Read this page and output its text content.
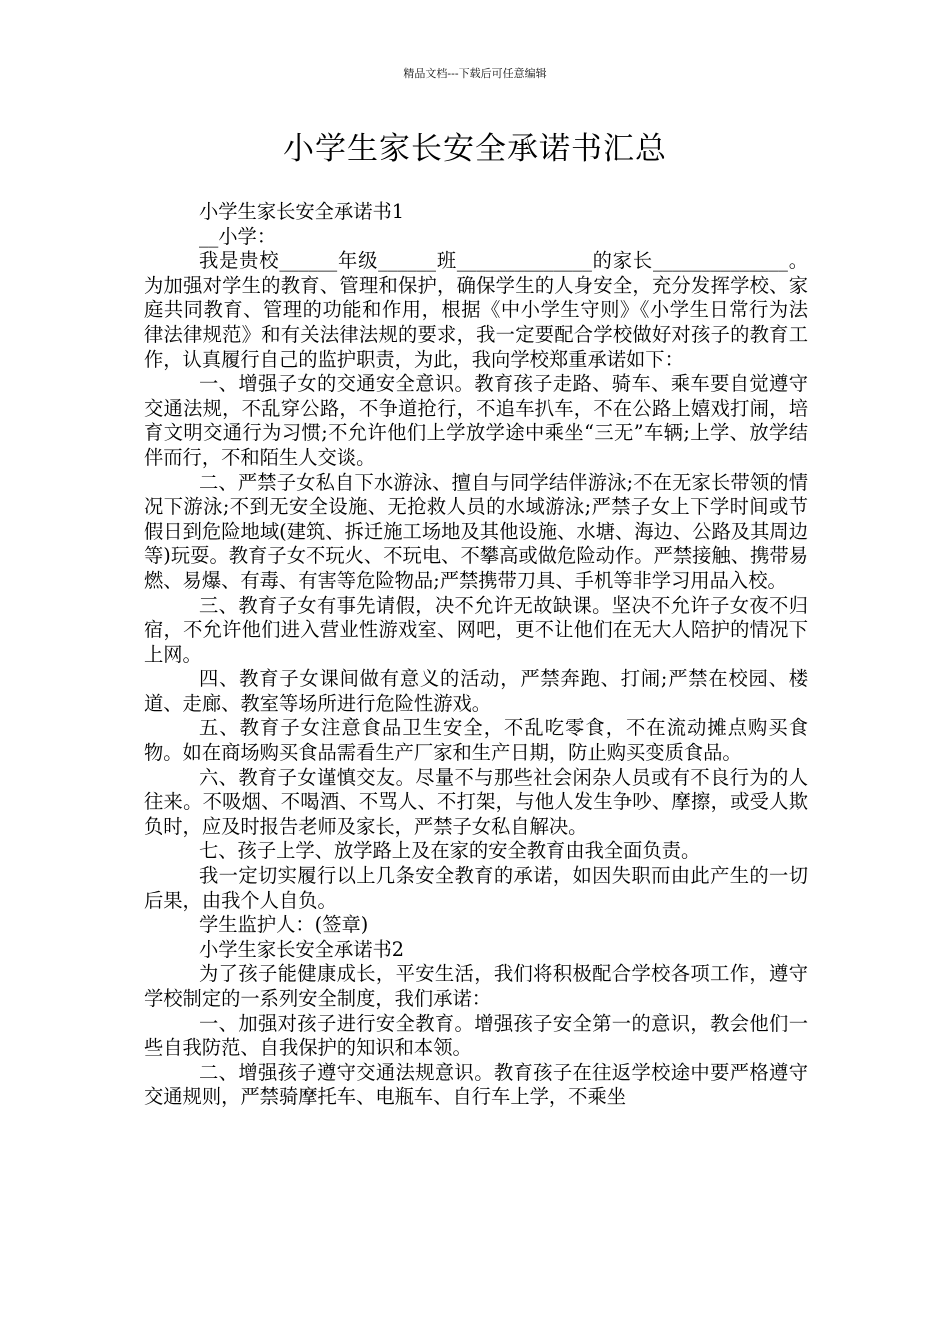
精品文档---下载后可任意编辑
小学生家长安全承诺书汇总

小学生家长安全承诺书1

__小学：

我是贵校______年级______班______________的家长______________。为加强对学生的教育、管理和保护，确保学生的人身安全，充分发挥学校、家庭共同教育、管理的功能和作用，根据《中小学生守则》《小学生日常行为法律法律规范》和有关法律法规的要求，我一定要配合学校做好对孩子的教育工作，认真履行自己的监护职责，为此，我向学校郑重承诺如下：

一、增强子女的交通安全意识。教育孩子走路、骑车、乘车要自觉遵守交通法规，不乱穿公路，不争道抢行，不追车扒车，不在公路上嬉戏打闹，培育文明交通行为习惯;不允许他们上学放学途中乘坐“三无”车辆;上学、放学结伴而行，不和陌生人交谈。

二、严禁子女私自下水游泳、擅自与同学结伴游泳;不在无家长带领的情况下游泳;不到无安全设施、无抢救人员的水域游泳;严禁子女上下学时间或节假日到危险地域(建筑、拆迁施工场地及其他设施、水塘、海边、公路及其周边等)玩耍。教育子女不玩火、不玩电、不攀高或做危险动作。严禁接触、携带易燃、易爆、有毒、有害等危险物品;严禁携带刀具、手机等非学习用品入校。

三、教育子女有事先请假，决不允许无故缺课。坚决不允许子女夜不归宿，不允许他们进入营业性游戏室、网吧，更不让他们在无大人陪护的情况下上网。

四、教育子女课间做有意义的活动，严禁奔跑、打闹;严禁在校园、楼道、走廊、教室等场所进行危险性游戏。

五、教育子女注意食品卫生安全，不乱吃零食，不在流动摊点购买食物。如在商场购买食品需看生产厂家和生产日期，防止购买变质食品。

六、教育子女谨慎交友。尽量不与那些社会闲杂人员或有不良行为的人往来。不吸烟、不喝酒、不骂人、不打架，与他人发生争吵、摩擦，或受人欺负时，应及时报告老师及家长，严禁子女私自解决。

七、孩子上学、放学路上及在家的安全教育由我全面负责。

我一定切实履行以上几条安全教育的承诺，如因失职而由此产生的一切后果，由我个人自负。

学生监护人：(签章)

小学生家长安全承诺书2

为了孩子能健康成长，平安生活，我们将积极配合学校各项工作，遵守学校制定的一系列安全制度，我们承诺：

一、加强对孩子进行安全教育。增强孩子安全第一的意识，教会他们一些自我防范、自我保护的知识和本领。

二、增强孩子遵守交通法规意识。教育孩子在往返学校途中要严格遵守交通规则，严禁骑摩托车、电瓶车、自行车上学，不乘坐
